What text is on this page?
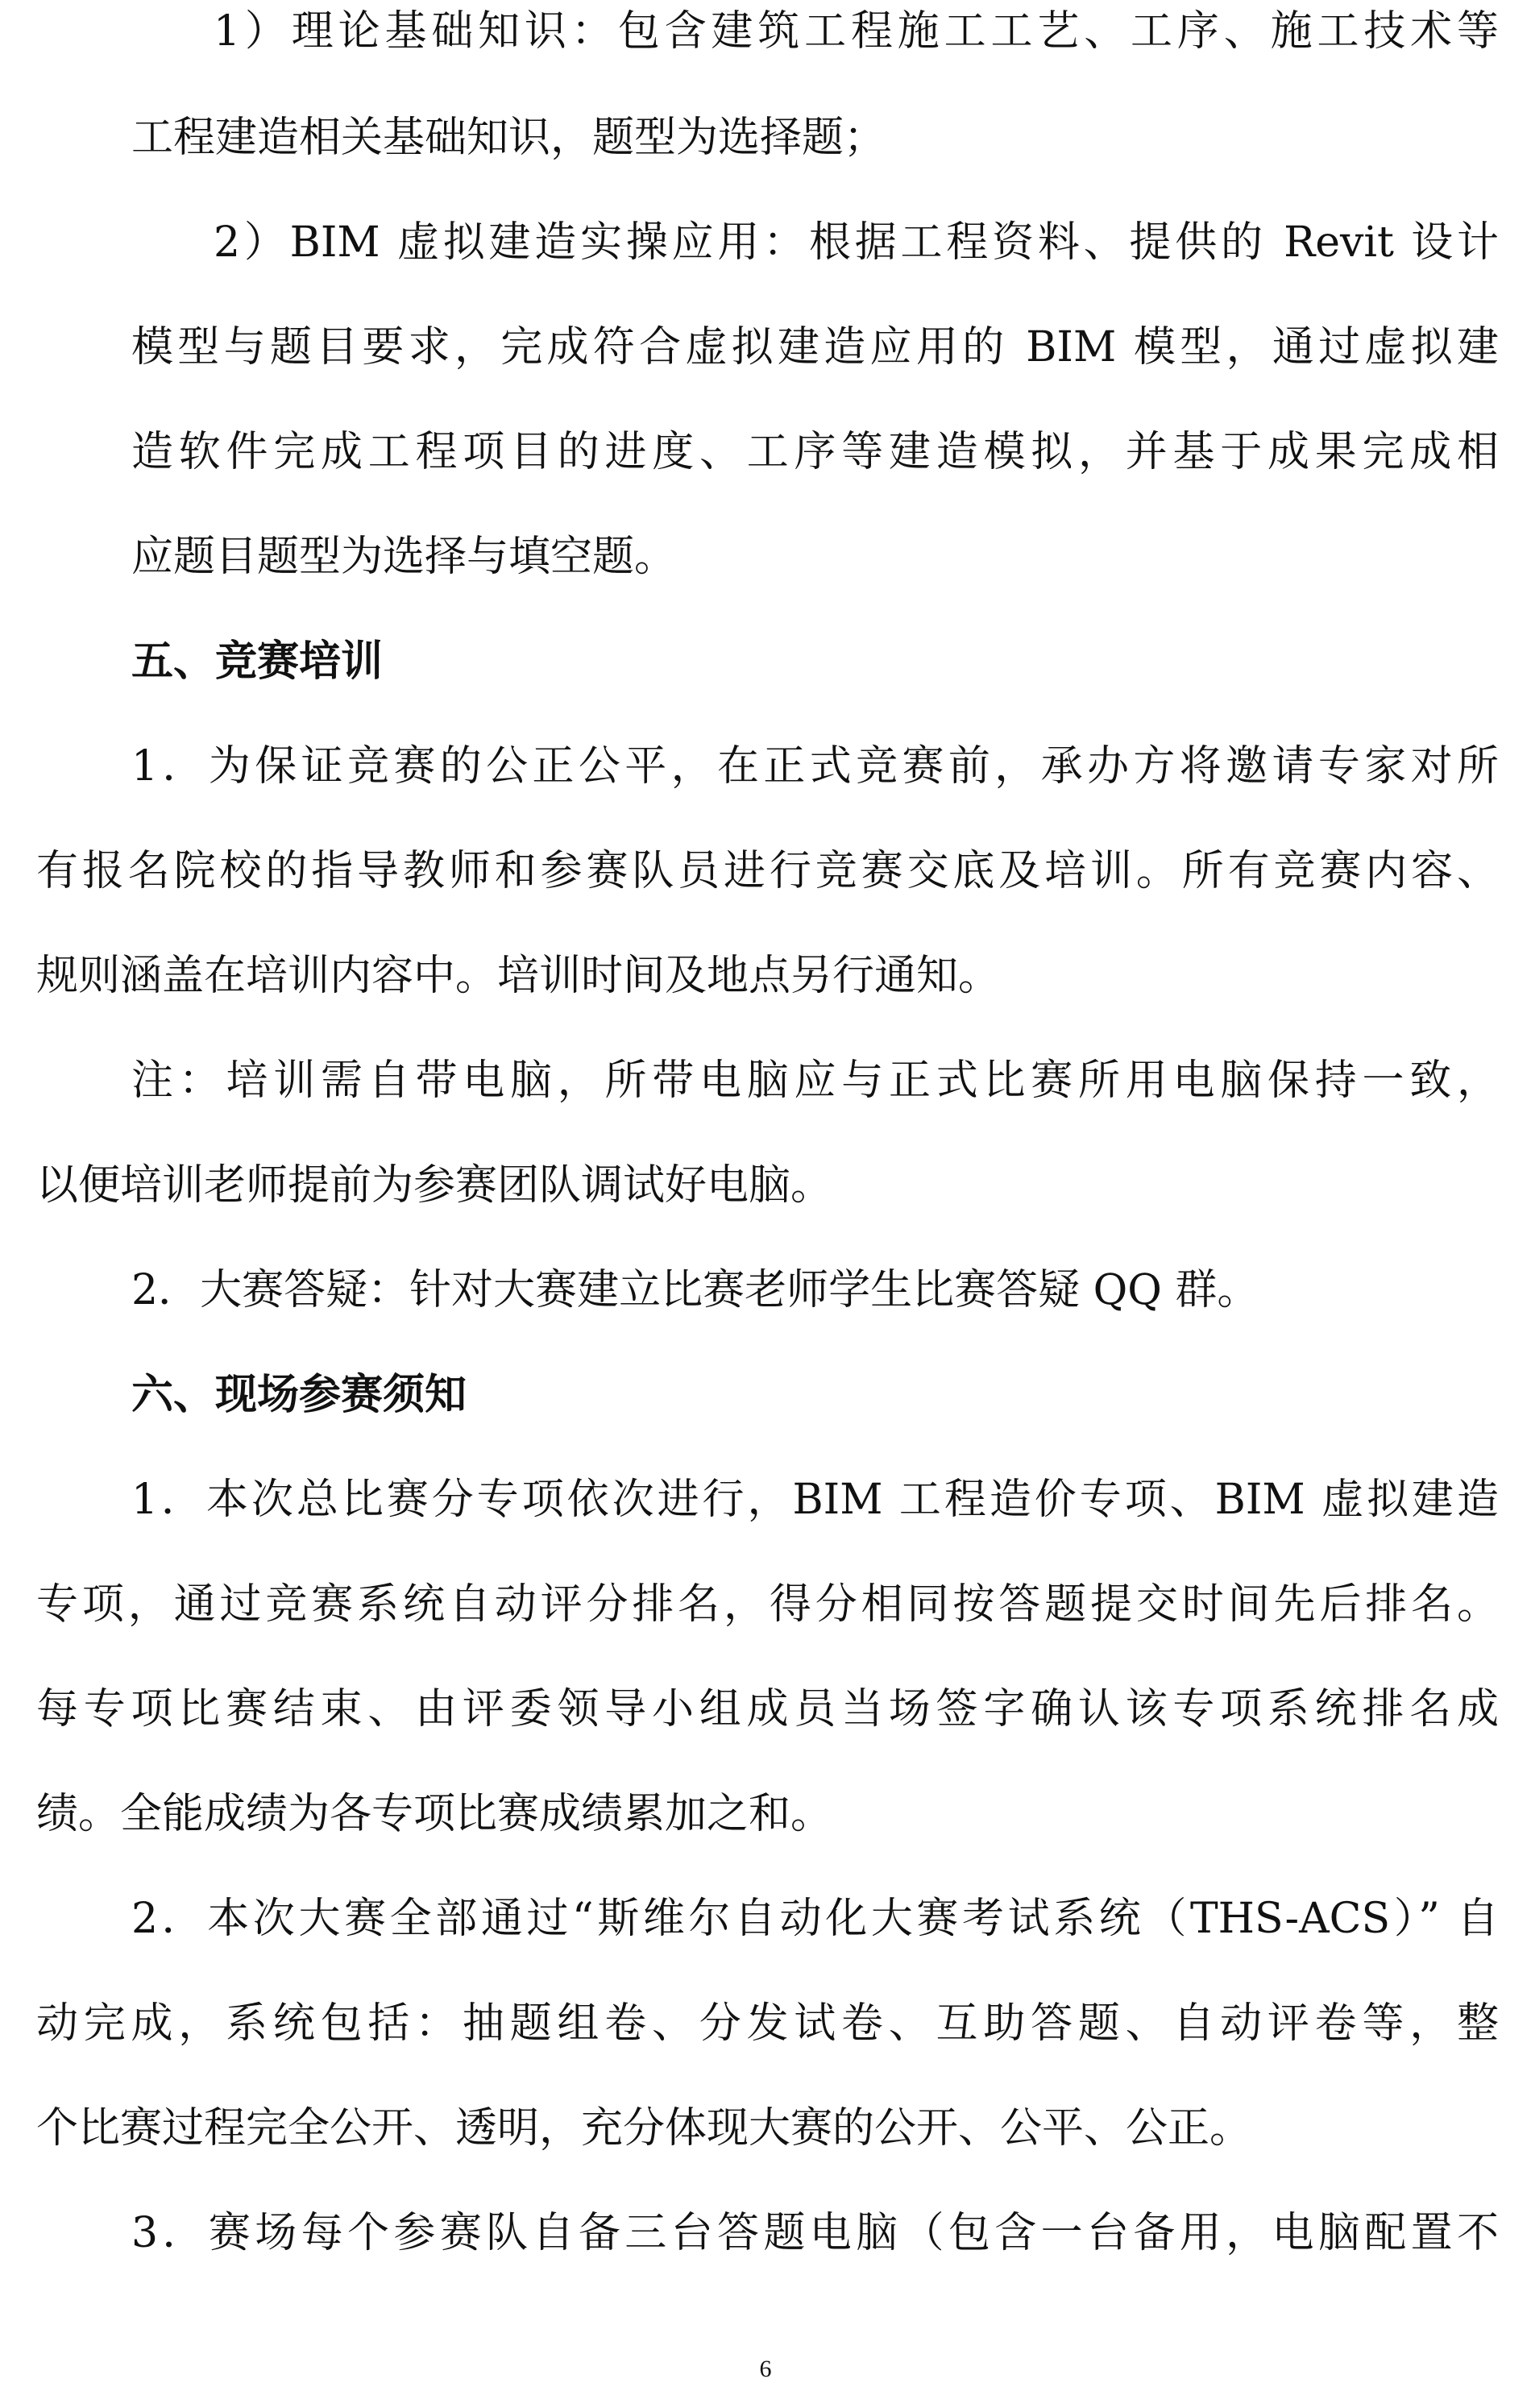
1）理论基础知识：包含建筑工程施工工艺、工序、施工技术等

工程建造相关基础知识，题型为选择题；

2）BIM 虚拟建造实操应用：根据工程资料、提供的 Revit 设计

模型与题目要求，完成符合虚拟建造应用的 BIM 模型，通过虚拟建

造软件完成工程项目的进度、工序等建造模拟，并基于成果完成相

应题目题型为选择与填空题。

五、竞赛培训

1．为保证竞赛的公正公平，在正式竞赛前，承办方将邀请专家对所

有报名院校的指导教师和参赛队员进行竞赛交底及培训。所有竞赛内容、

规则涵盖在培训内容中。培训时间及地点另行通知。

注：培训需自带电脑，所带电脑应与正式比赛所用电脑保持一致，

以便培训老师提前为参赛团队调试好电脑。

2．大赛答疑：针对大赛建立比赛老师学生比赛答疑 QQ 群。

六、现场参赛须知

1．本次总比赛分专项依次进行，BIM 工程造价专项、BIM 虚拟建造

专项，通过竞赛系统自动评分排名，得分相同按答题提交时间先后排名。

每专项比赛结束、由评委领导小组成员当场签字确认该专项系统排名成

绩。全能成绩为各专项比赛成绩累加之和。

2．本次大赛全部通过“斯维尔自动化大赛考试系统（THS-ACS）” 自

动完成，系统包括：抽题组卷、分发试卷、互助答题、自动评卷等，整

个比赛过程完全公开、透明，充分体现大赛的公开、公平、公正。

3．赛场每个参赛队自备三台答题电脑（包含一台备用，电脑配置不

6
